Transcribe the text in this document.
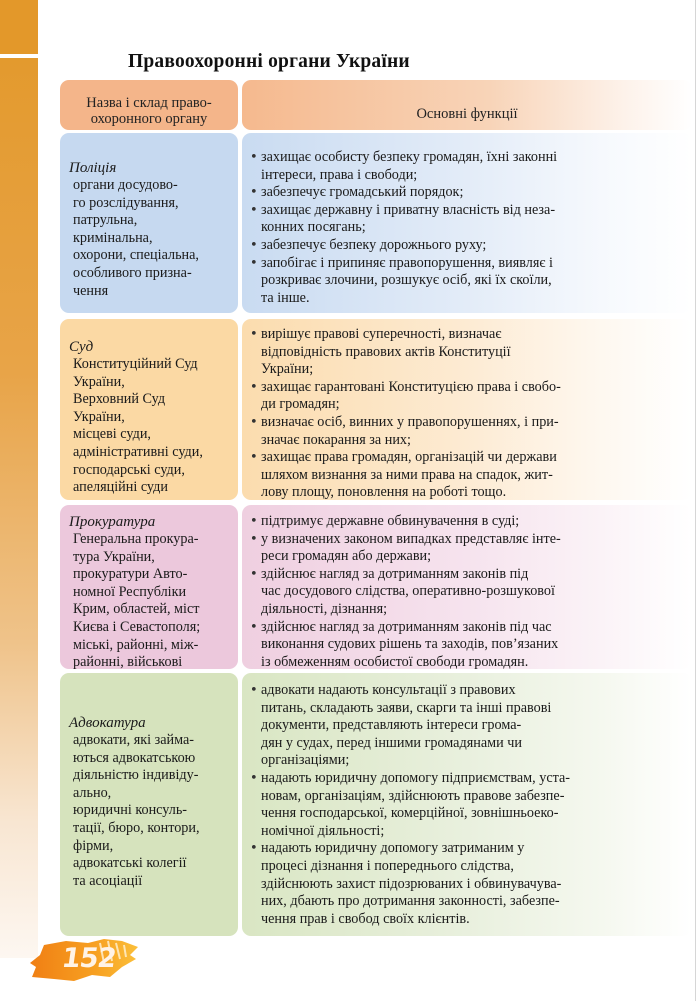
Правоохоронні органи України
Назва і склад право-
охоронного органу	Основні функції
Поліція
органи досудово-
го розслідування,
патрульна,
кримінальна,
охорони, спеціальна,
особливого призна-
чення
• захищає особисту безпеку громадян, їхні законні
інтереси, права і свободи;
• забезпечує громадський порядок;
• захищає державну і приватну власність від неза-
конних посягань;
• забезпечує безпеку дорожнього руху;
• запобігає і припиняє правопорушення, виявляє і
розкриває злочини, розшукує осіб, які їх скоїли,
та інше.
Суд
Конституційний Суд
України,
Верховний Суд
України,
місцеві суди,
адміністративні суди,
господарські суди,
апеляційні суди
• вирішує правові суперечності, визначає
відповідність правових актів Конституції
України;
• захищає гарантовані Конституцією права і свобо-
ди громадян;
• визначає осіб, винних у правопорушеннях, і при-
значає покарання за них;
• захищає права громадян, організацій чи держави
шляхом визнання за ними права на спадок, жит-
лову площу, поновлення на роботі тощо.
Прокуратура
Генеральна прокура-
тура України,
прокуратури Авто-
номної Республіки
Крим, областей, міст
Києва і Севастополя;
міські, районні, між-
районні, військові
• підтримує державне обвинувачення в суді;
• у визначених законом випадках представляє інте-
реси громадян або держави;
• здійснює нагляд за дотриманням законів під
час досудового слідства, оперативно-розшукової
діяльності, дізнання;
• здійснює нагляд за дотриманням законів під час
виконання судових рішень та заходів, пов’язаних
із обмеженням особистої свободи громадян.
Адвокатура
адвокати, які займа-
ються адвокатською
діяльністю індивіду-
ально,
юридичні консуль-
тації, бюро, контори,
фірми,
адвокатські колегії
та асоціації
• адвокати надають консультації з правових
питань, складають заяви, скарги та інші правові
документи, представляють інтереси грома-
дян у судах, перед іншими громадянами чи
організаціями;
• надають юридичну допомогу підприємствам, уста-
новам, організаціям, здійснюють правове забезпе-
чення господарської, комерційної, зовнішньоеко-
номічної діяльності;
• надають юридичну допомогу затриманим у
процесі дізнання і попереднього слідства,
здійснюють захист підозрюваних і обвинувачува-
них, дбають про дотримання законності, забезпе-
чення прав і свобод своїх клієнтів.
152
